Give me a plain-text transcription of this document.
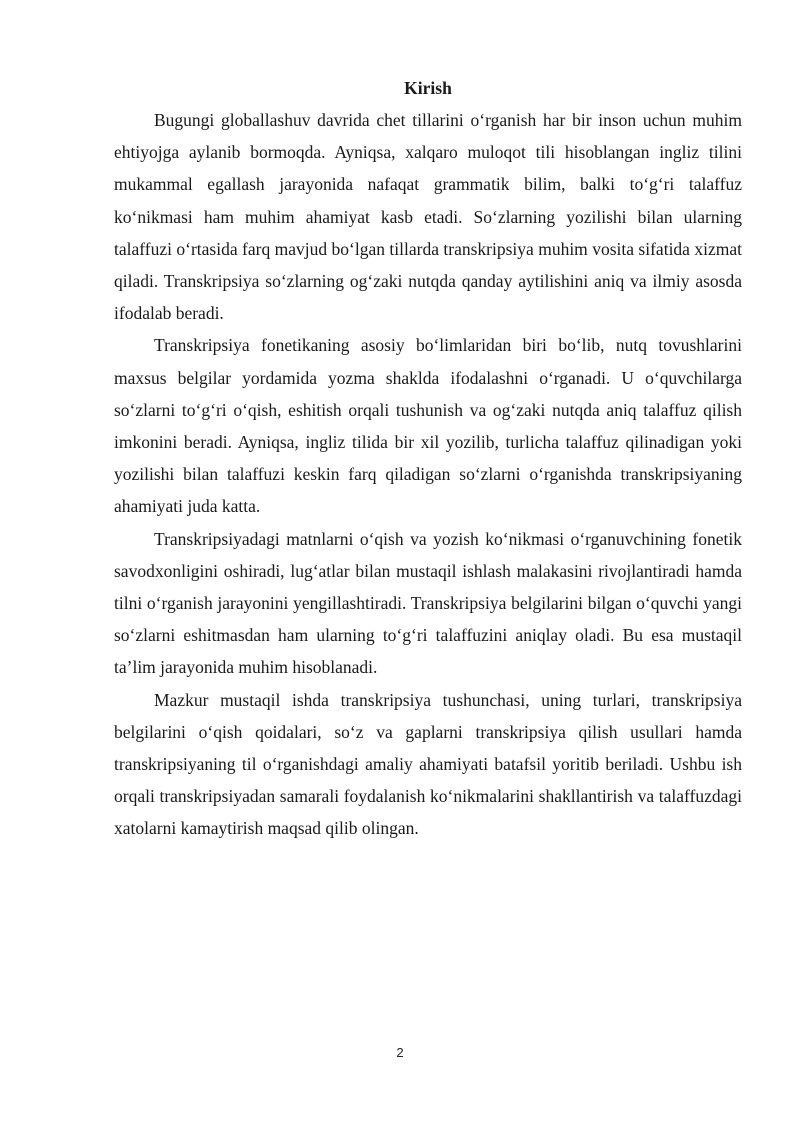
Kirish

Bugungi globallashuv davrida chet tillarini o‘rganish har bir inson uchun muhim ehtiyojga aylanib bormoqda. Ayniqsa, xalqaro muloqot tili hisoblangan ingliz tilini mukammal egallash jarayonida nafaqat grammatik bilim, balki to‘g‘ri talaffuz ko‘nikmasi ham muhim ahamiyat kasb etadi. So‘zlarning yozilishi bilan ularning talaffuzi o‘rtasida farq mavjud bo‘lgan tillarda transkripsiya muhim vosita sifatida xizmat qiladi. Transkripsiya so‘zlarning og‘zaki nutqda qanday aytilishini aniq va ilmiy asosda ifodalab beradi.

Transkripsiya fonetikaning asosiy bo‘limlaridan biri bo‘lib, nutq tovushlarini maxsus belgilar yordamida yozma shaklda ifodalashni o‘rganadi. U o‘quvchilarga so‘zlarni to‘g‘ri o‘qish, eshitish orqali tushunish va og‘zaki nutqda aniq talaffuz qilish imkonini beradi. Ayniqsa, ingliz tilida bir xil yozilib, turlicha talaffuz qilinadigan yoki yozilishi bilan talaffuzi keskin farq qiladigan so‘zlarni o‘rganishda transkripsiyaning ahamiyati juda katta.

Transkripsiyadagi matnlarni o‘qish va yozish ko‘nikmasi o‘rganuvchining fonetik savodxonligini oshiradi, lug‘atlar bilan mustaqil ishlash malakasini rivojlantiradi hamda tilni o‘rganish jarayonini yengillashtiradi. Transkripsiya belgilarini bilgan o‘quvchi yangi so‘zlarni eshitmasdan ham ularning to‘g‘ri talaffuzini aniqlay oladi. Bu esa mustaqil ta’lim jarayonida muhim hisoblanadi.

Mazkur mustaqil ishda transkripsiya tushunchasi, uning turlari, transkripsiya belgilarini o‘qish qoidalari, so‘z va gaplarni transkripsiya qilish usullari hamda transkripsiyaning til o‘rganishdagi amaliy ahamiyati batafsil yoritib beriladi. Ushbu ish orqali transkripsiyadan samarali foydalanish ko‘nikmalarini shakllantirish va talaffuzdagi xatolarni kamaytirish maqsad qilib olingan.

2
